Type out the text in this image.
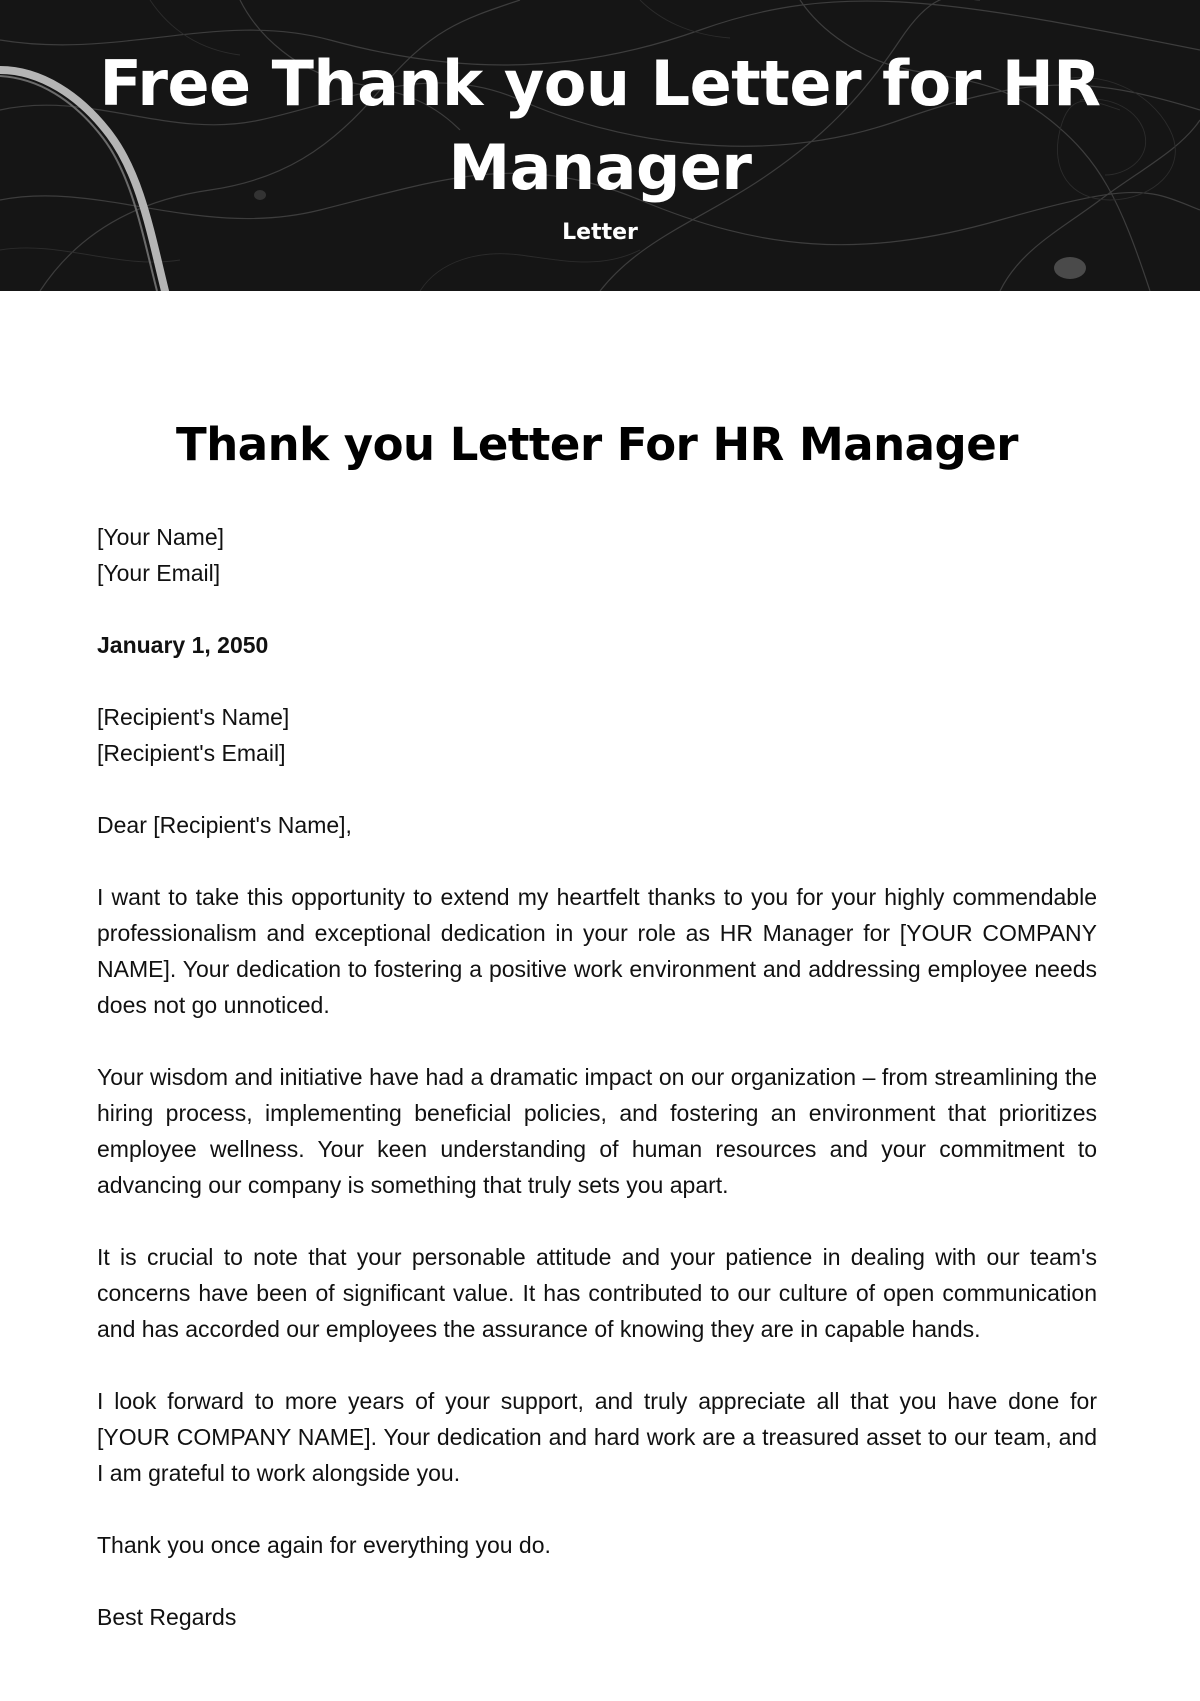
Free Thank you Letter for HR Manager
Letter
Thank you Letter For HR Manager
[Your Name]
[Your Email]
January 1, 2050
[Recipient's Name]
[Recipient's Email]
Dear [Recipient's Name],

I want to take this opportunity to extend my heartfelt thanks to you for your highly commendable professionalism and exceptional dedication in your role as HR Manager for [YOUR COMPANY NAME]. Your dedication to fostering a positive work environment and addressing employee needs does not go unnoticed.

Your wisdom and initiative have had a dramatic impact on our organization – from streamlining the hiring process, implementing beneficial policies, and fostering an environment that prioritizes employee wellness. Your keen understanding of human resources and your commitment to advancing our company is something that truly sets you apart.

It is crucial to note that your personable attitude and your patience in dealing with our team's concerns have been of significant value. It has contributed to our culture of open communication and has accorded our employees the assurance of knowing they are in capable hands.

I look forward to more years of your support, and truly appreciate all that you have done for [YOUR COMPANY NAME]. Your dedication and hard work are a treasured asset to our team, and I am grateful to work alongside you.

Thank you once again for everything you do.
Best Regards
